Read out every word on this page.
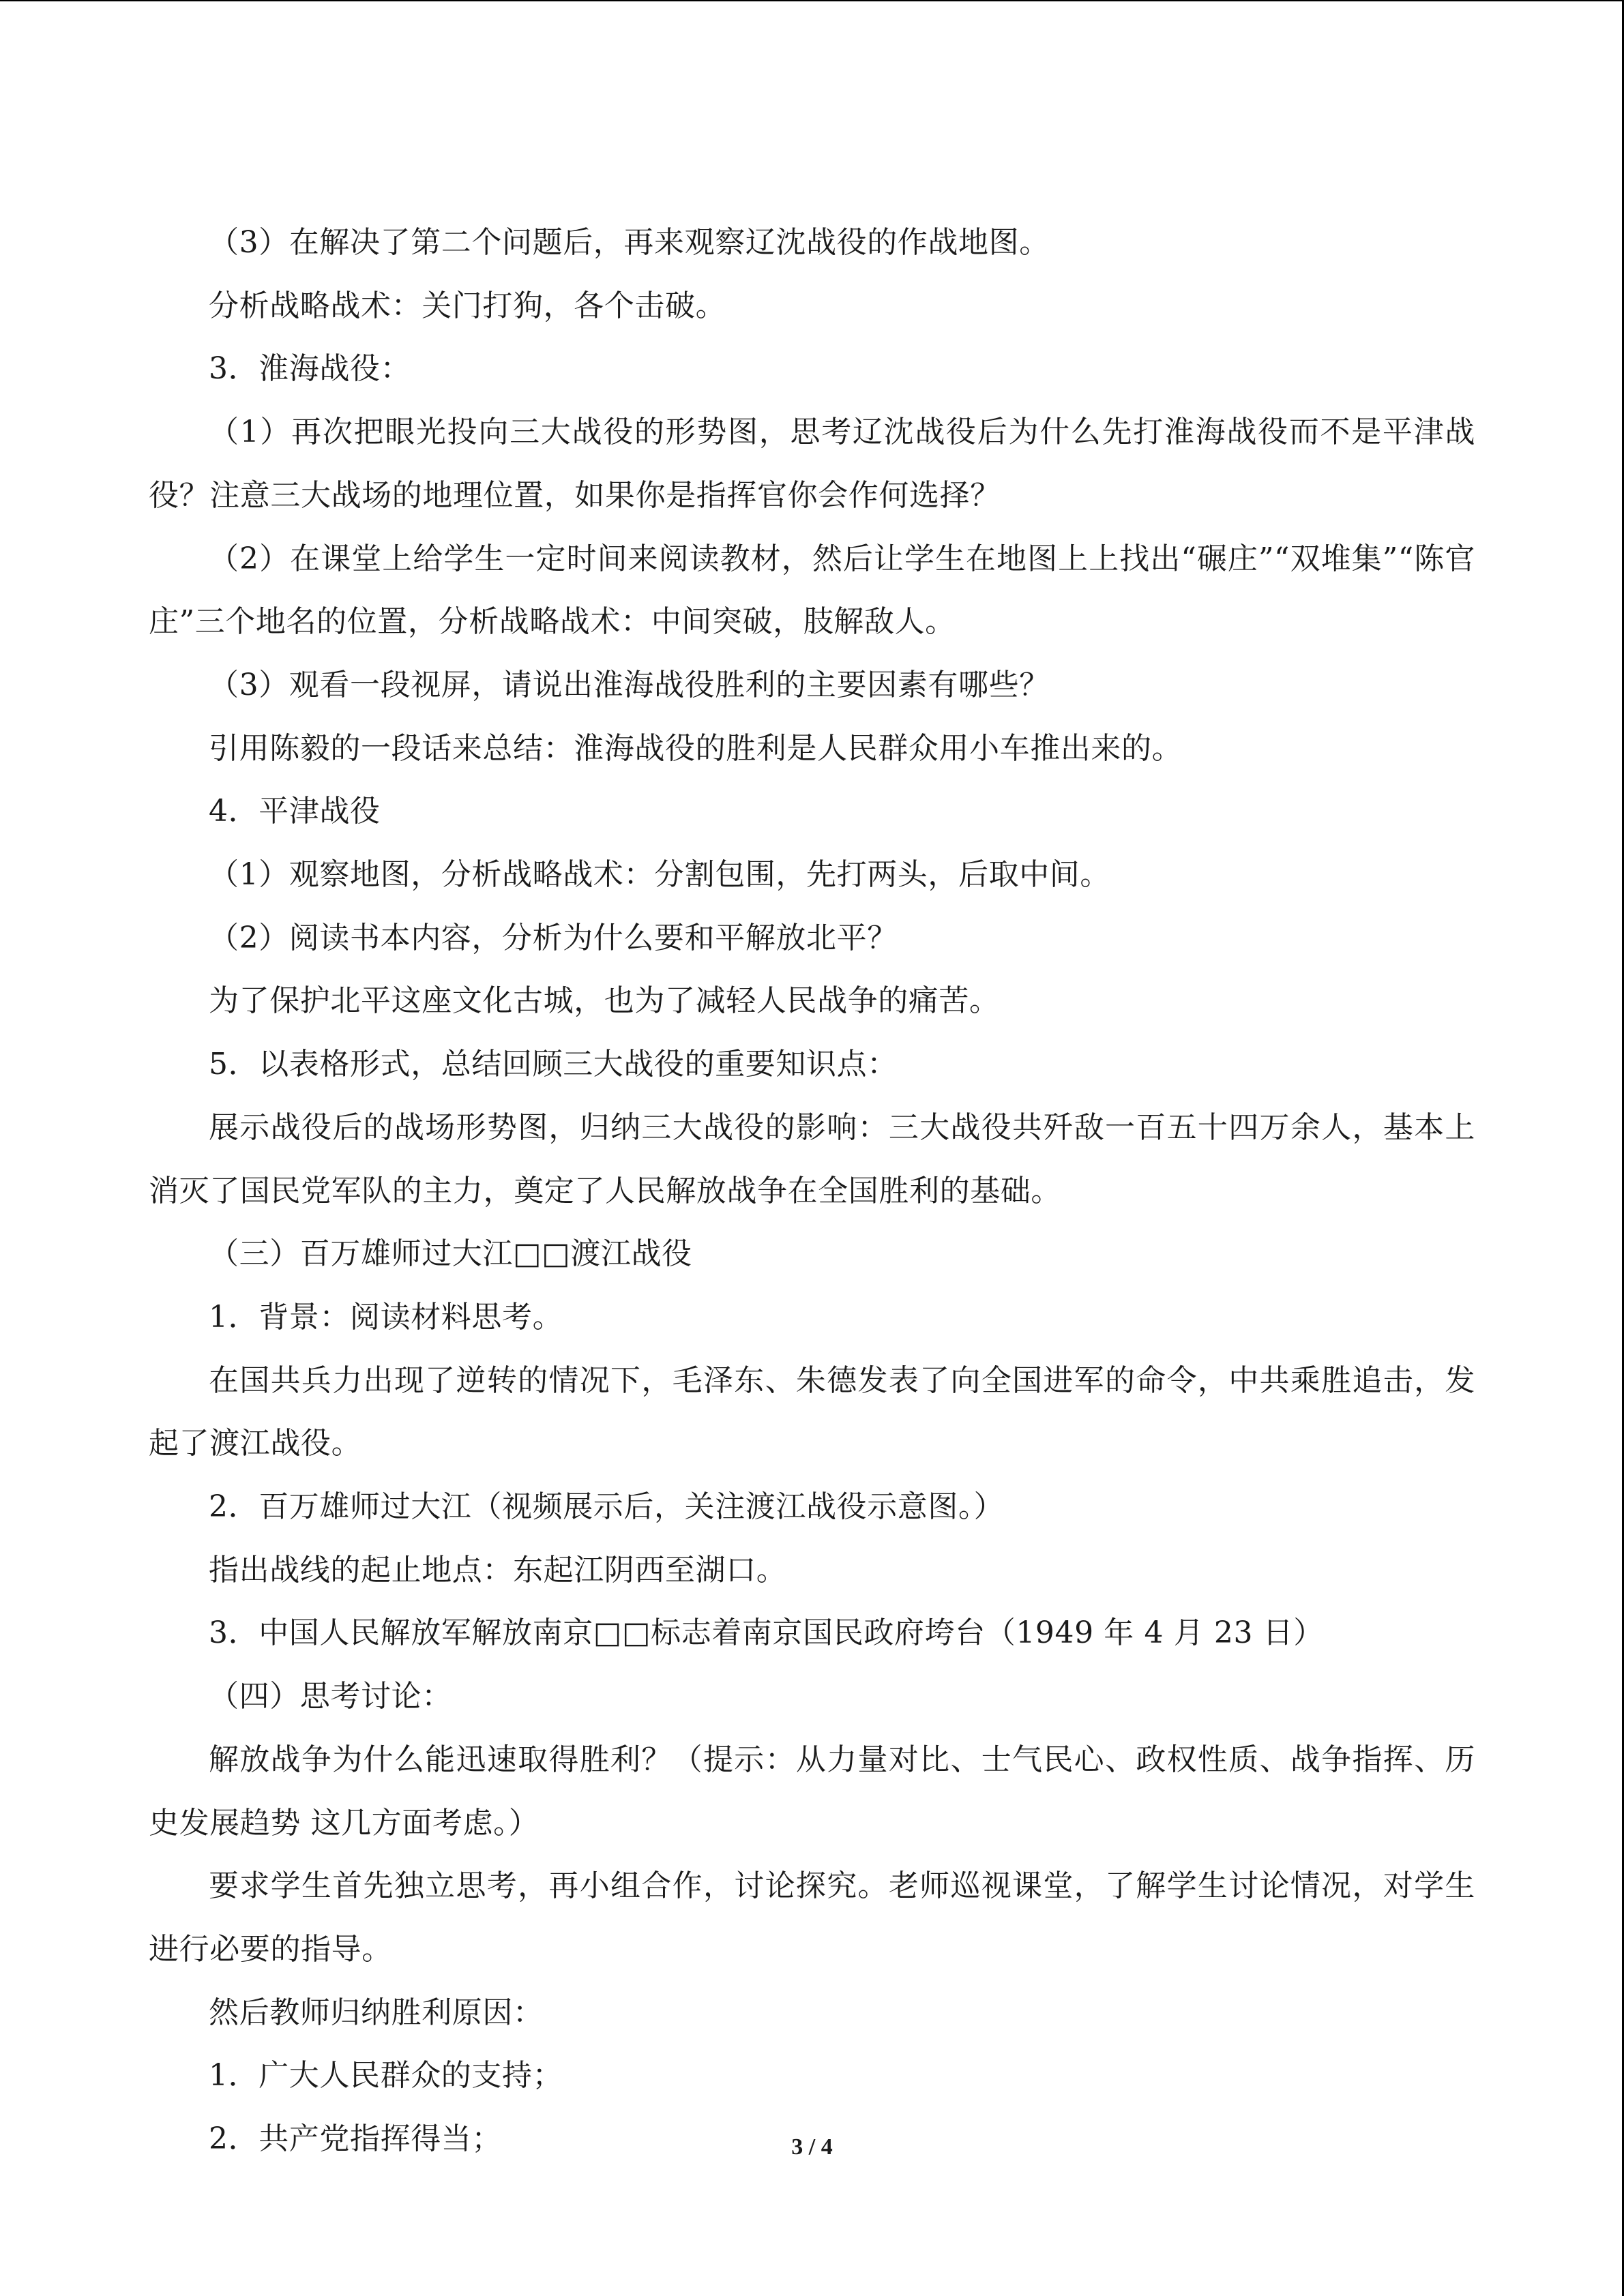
（3）在解决了第二个问题后，再来观察辽沈战役的作战地图。

分析战略战术：关门打狗，各个击破。

3．淮海战役：

（1）再次把眼光投向三大战役的形势图，思考辽沈战役后为什么先打淮海战役而不是平津战役？注意三大战场的地理位置，如果你是指挥官你会作何选择？

（2）在课堂上给学生一定时间来阅读教材，然后让学生在地图上上找出“碾庄”“双堆集”“陈官庄”三个地名的位置，分析战略战术：中间突破，肢解敌人。

（3）观看一段视屏，请说出淮海战役胜利的主要因素有哪些？

引用陈毅的一段话来总结：淮海战役的胜利是人民群众用小车推出来的。

4．平津战役

（1）观察地图，分析战略战术：分割包围，先打两头，后取中间。

（2）阅读书本内容，分析为什么要和平解放北平？

为了保护北平这座文化古城，也为了减轻人民战争的痛苦。

5．以表格形式，总结回顾三大战役的重要知识点：

展示战役后的战场形势图，归纳三大战役的影响：三大战役共歼敌一百五十四万余人，基本上消灭了国民党军队的主力，奠定了人民解放战争在全国胜利的基础。

（三）百万雄师过大江□□渡江战役

1．背景：阅读材料思考。

在国共兵力出现了逆转的情况下，毛泽东、朱德发表了向全国进军的命令，中共乘胜追击，发起了渡江战役。

2．百万雄师过大江（视频展示后，关注渡江战役示意图。）

指出战线的起止地点：东起江阴西至湖口。

3．中国人民解放军解放南京□□标志着南京国民政府垮台（1949 年 4 月 23 日）

（四）思考讨论：

解放战争为什么能迅速取得胜利？（提示：从力量对比、士气民心、政权性质、战争指挥、历史发展趋势 这几方面考虑。）

要求学生首先独立思考，再小组合作，讨论探究。老师巡视课堂，了解学生讨论情况，对学生进行必要的指导。

然后教师归纳胜利原因：

1．广大人民群众的支持；

2．共产党指挥得当；	3 / 4
